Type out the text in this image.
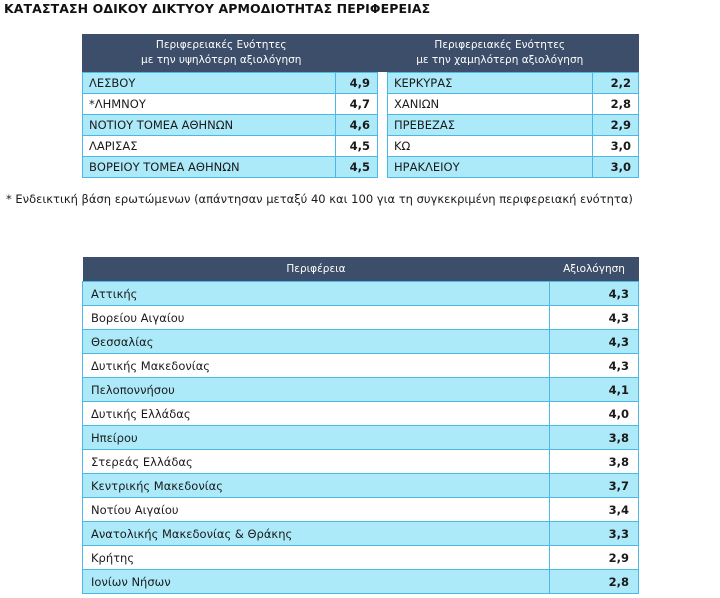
ΚΑΤΑΣΤΑΣΗ ΟΔΙΚΟΥ ΔΙΚΤΥΟΥ ΑΡΜΟΔΙΟΤΗΤΑΣ ΠΕΡΙΦΕΡΕΙΑΣ
Περιφερειακές Ενότητες
με την υψηλότερη αξιολόγηση
Περιφερειακές Ενότητες
με την χαμηλότερη αξιολόγηση
ΛΕΣΒΟΥ	4,9
*ΛΗΜΝΟΥ	4,7
ΝΟΤΙΟΥ ΤΟΜΕΑ ΑΘΗΝΩΝ	4,6
ΛΑΡΙΣΑΣ	4,5
ΒΟΡΕΙΟΥ ΤΟΜΕΑ ΑΘΗΝΩΝ	4,5
ΚΕΡΚΥΡΑΣ	2,2
ΧΑΝΙΩΝ	2,8
ΠΡΕΒΕΖΑΣ	2,9
ΚΩ	3,0
ΗΡΑΚΛΕΙΟΥ	3,0
* Ενδεικτική βάση ερωτώμενων (απάντησαν μεταξύ 40 και 100 για τη συγκεκριμένη περιφερειακή ενότητα)
Περιφέρεια	Αξιολόγηση
Αττικής	4,3
Βορείου Αιγαίου	4,3
Θεσσαλίας	4,3
Δυτικής Μακεδονίας	4,3
Πελοποννήσου	4,1
Δυτικής Ελλάδας	4,0
Ηπείρου	3,8
Στερεάς Ελλάδας	3,8
Κεντρικής Μακεδονίας	3,7
Νοτίου Αιγαίου	3,4
Ανατολικής Μακεδονίας & Θράκης	3,3
Κρήτης	2,9
Ιονίων Νήσων	2,8
